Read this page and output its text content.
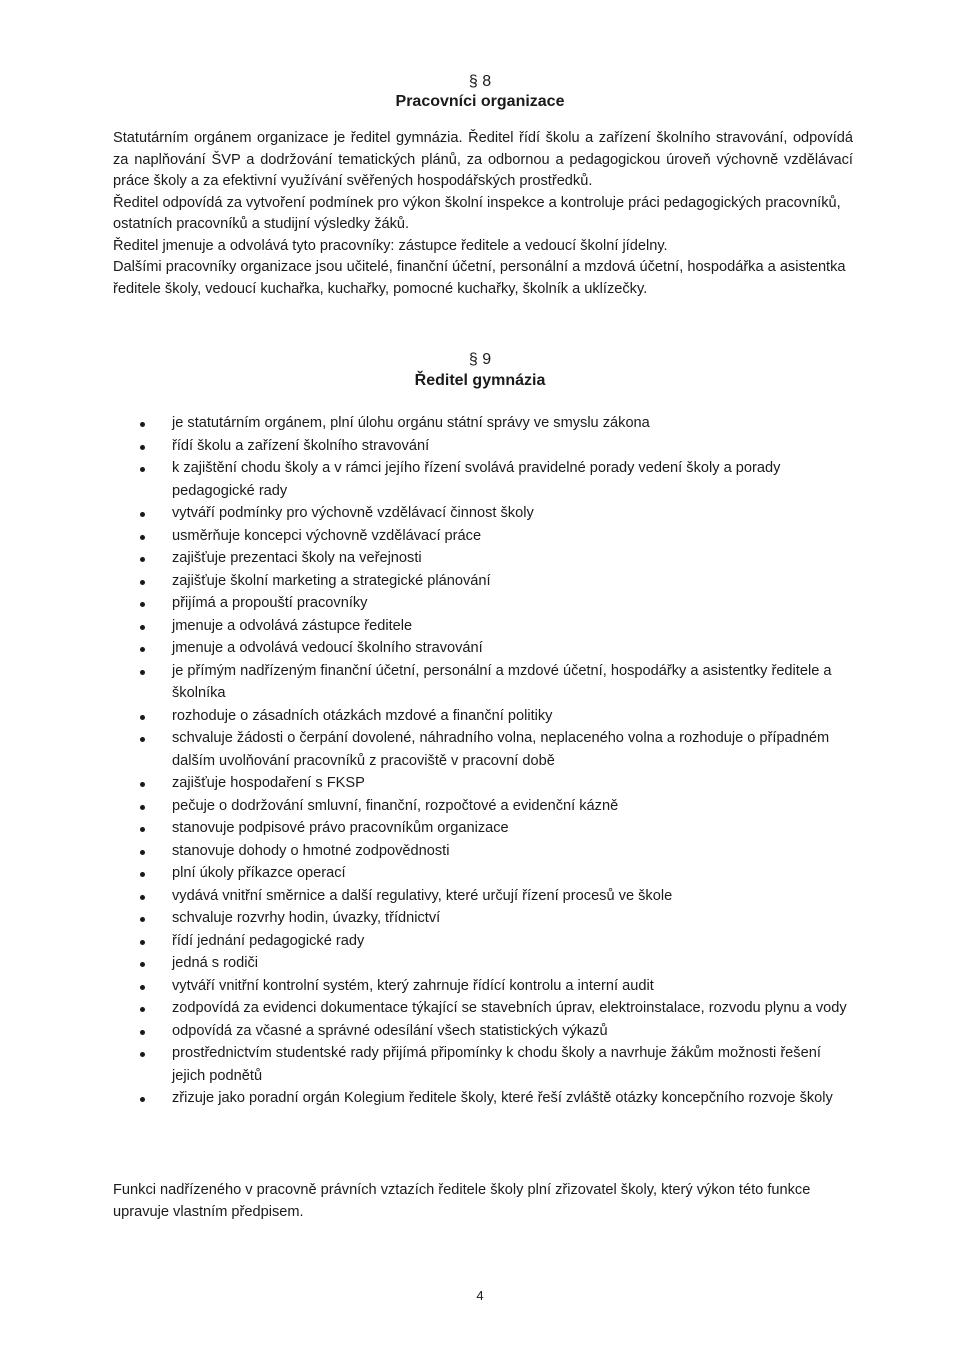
§ 8
Pracovníci organizace

Statutárním orgánem organizace je ředitel gymnázia. Ředitel řídí školu a zařízení školního stravování, odpovídá za naplňování ŠVP a dodržování tematických plánů, za odbornou a pedagogickou úroveň výchovně vzdělávací práce školy a za efektivní využívání svěřených hospodářských prostředků.

Ředitel odpovídá za vytvoření podmínek pro výkon školní inspekce a kontroluje práci pedagogických pracovníků, ostatních pracovníků a studijní výsledky žáků.

Ředitel jmenuje a odvolává tyto pracovníky: zástupce ředitele a vedoucí školní jídelny.

Dalšími pracovníky organizace jsou učitelé, finanční účetní, personální a mzdová účetní, hospodářka a asistentka ředitele školy, vedoucí kuchařka, kuchařky, pomocné kuchařky, školník a uklízečky.

§ 9
Ředitel gymnázia
je statutárním orgánem, plní úlohu orgánu státní správy ve smyslu zákona
řídí školu a zařízení školního stravování
k zajištění chodu školy a v rámci jejího řízení svolává pravidelné porady vedení školy a porady pedagogické rady
vytváří podmínky pro výchovně vzdělávací činnost školy
usměrňuje koncepci výchovně vzdělávací práce
zajišťuje prezentaci školy na veřejnosti
zajišťuje školní marketing a strategické plánování
přijímá a propouští pracovníky
jmenuje a odvolává zástupce ředitele
jmenuje a odvolává vedoucí školního stravování
je přímým nadřízeným finanční účetní, personální a mzdové účetní, hospodářky a asistentky ředitele a školníka
rozhoduje o zásadních otázkách mzdové a finanční politiky
schvaluje žádosti o čerpání dovolené, náhradního volna, neplaceného volna a rozhoduje o případném dalším uvolňování pracovníků z pracoviště v pracovní době
zajišťuje hospodaření s FKSP
pečuje o dodržování smluvní, finanční, rozpočtové a evidenční kázně
stanovuje podpisové právo pracovníkům organizace
stanovuje dohody o hmotné zodpovědnosti
plní úkoly příkazce operací
vydává vnitřní směrnice a další regulativy, které určují řízení procesů ve škole
schvaluje rozvrhy hodin, úvazky, třídnictví
řídí jednání pedagogické rady
jedná s rodiči
vytváří vnitřní kontrolní systém, který zahrnuje řídící kontrolu a interní audit
zodpovídá za evidenci dokumentace týkající se stavebních úprav, elektroinstalace, rozvodu plynu a vody
odpovídá za včasné a správné odesílání všech statistických výkazů
prostřednictvím studentské rady přijímá připomínky k chodu školy a navrhuje žákům možnosti řešení jejich podnětů
zřizuje jako poradní orgán Kolegium ředitele školy, které řeší zvláště otázky koncepčního rozvoje školy

Funkci nadřízeného v pracovně právních vztazích ředitele školy plní zřizovatel školy, který výkon této funkce upravuje vlastním předpisem.

4
